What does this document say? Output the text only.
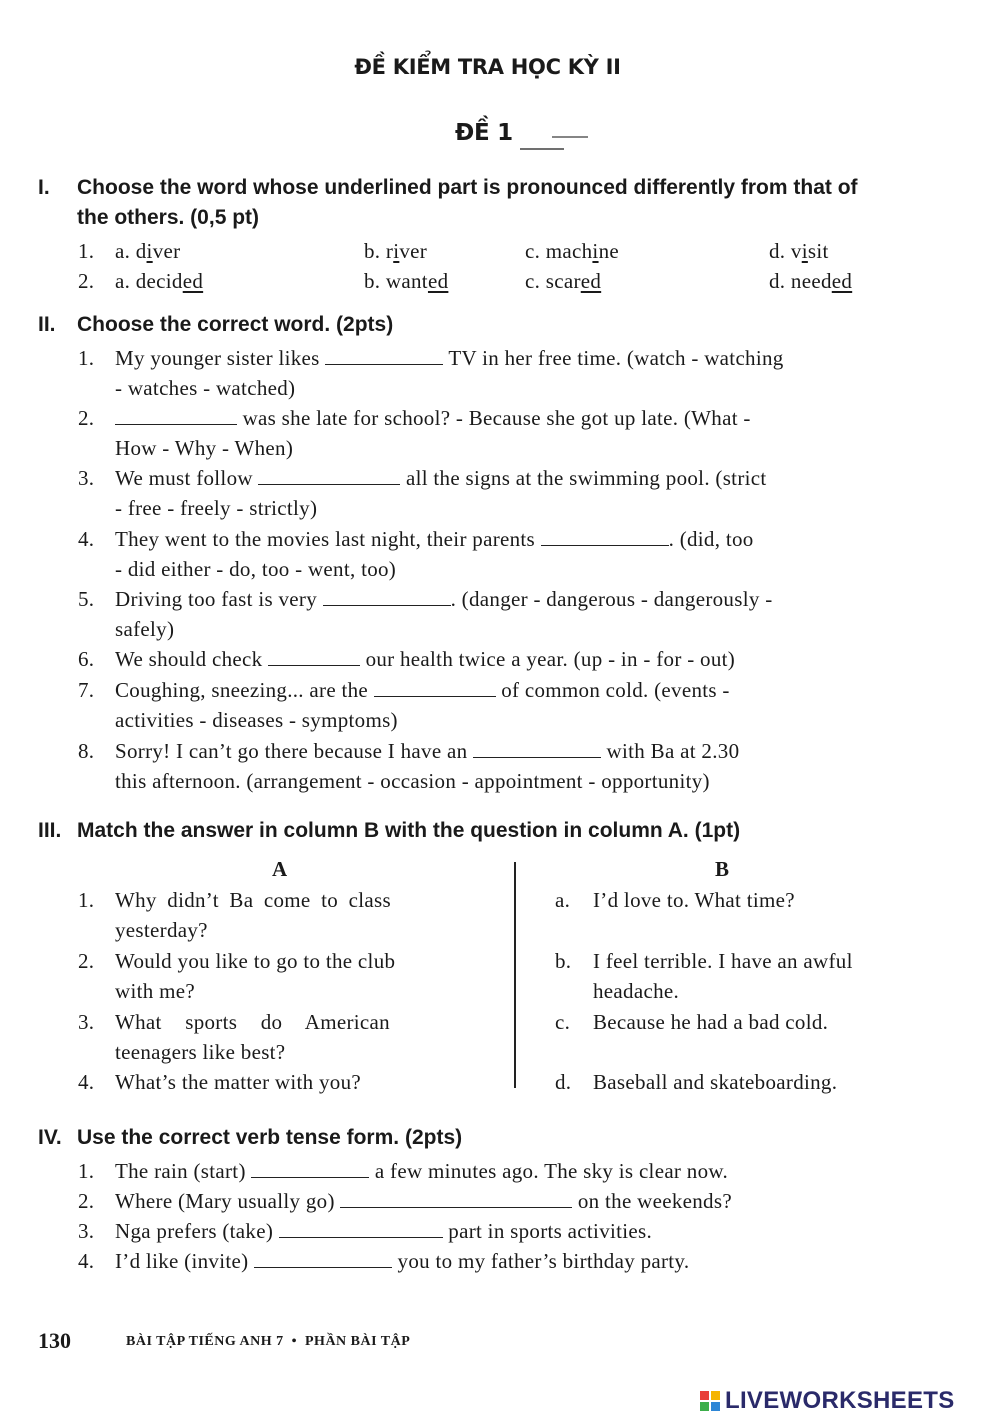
ĐỀ KIỂM TRA HỌC KỲ II
ĐỀ 1
I. Choose the word whose underlined part is pronounced differently from that of
the others. (0,5 pt)
1. a. diver	b. river	c. machine	d. visit
2. a. decided	b. wanted	c. scared	d. needed
II. Choose the correct word. (2pts)
1. My younger sister likes	TV in her free time. (watch - watching
- watches - watched)
2.	was she late for school? - Because she got up late. (What -
How - Why - When)
3. We must follow	all the signs at the swimming pool. (strict
- free - freely - strictly)
4. They went to the movies last night, their parents	. (did, too
- did either - do, too - went, too)
5. Driving too fast is very	. (danger - dangerous - dangerously -
safely)
6. We should check	our health twice a year. (up - in - for - out)
7. Coughing, sneezing... are the	of common cold. (events -
activities - diseases - symptoms)
8. Sorry! I can’t go there because I have an	with Ba at 2.30
this afternoon. (arrangement - occasion - appointment - opportunity)
III. Match the answer in column B with the question in column A. (1pt)
A	B
1. Why didn’t Ba come to class
yesterday?
2. Would you like to go to the club
with me?
3. What sports do American
teenagers like best?
4. What’s the matter with you?
a. I’d love to. What time?
b. I feel terrible. I have an awful
headache.
c. Because he had a bad cold.
d. Baseball and skateboarding.
IV. Use the correct verb tense form. (2pts)
1. The rain (start)	a few minutes ago. The sky is clear now.
2. Where (Mary usually go)	on the weekends?
3. Nga prefers (take)	part in sports activities.
4. I’d like (invite)	you to my father’s birthday party.
130	BÀI TẬP TIẾNG ANH 7 • PHẦN BÀI TẬP
LIVEWORKSHEETS
